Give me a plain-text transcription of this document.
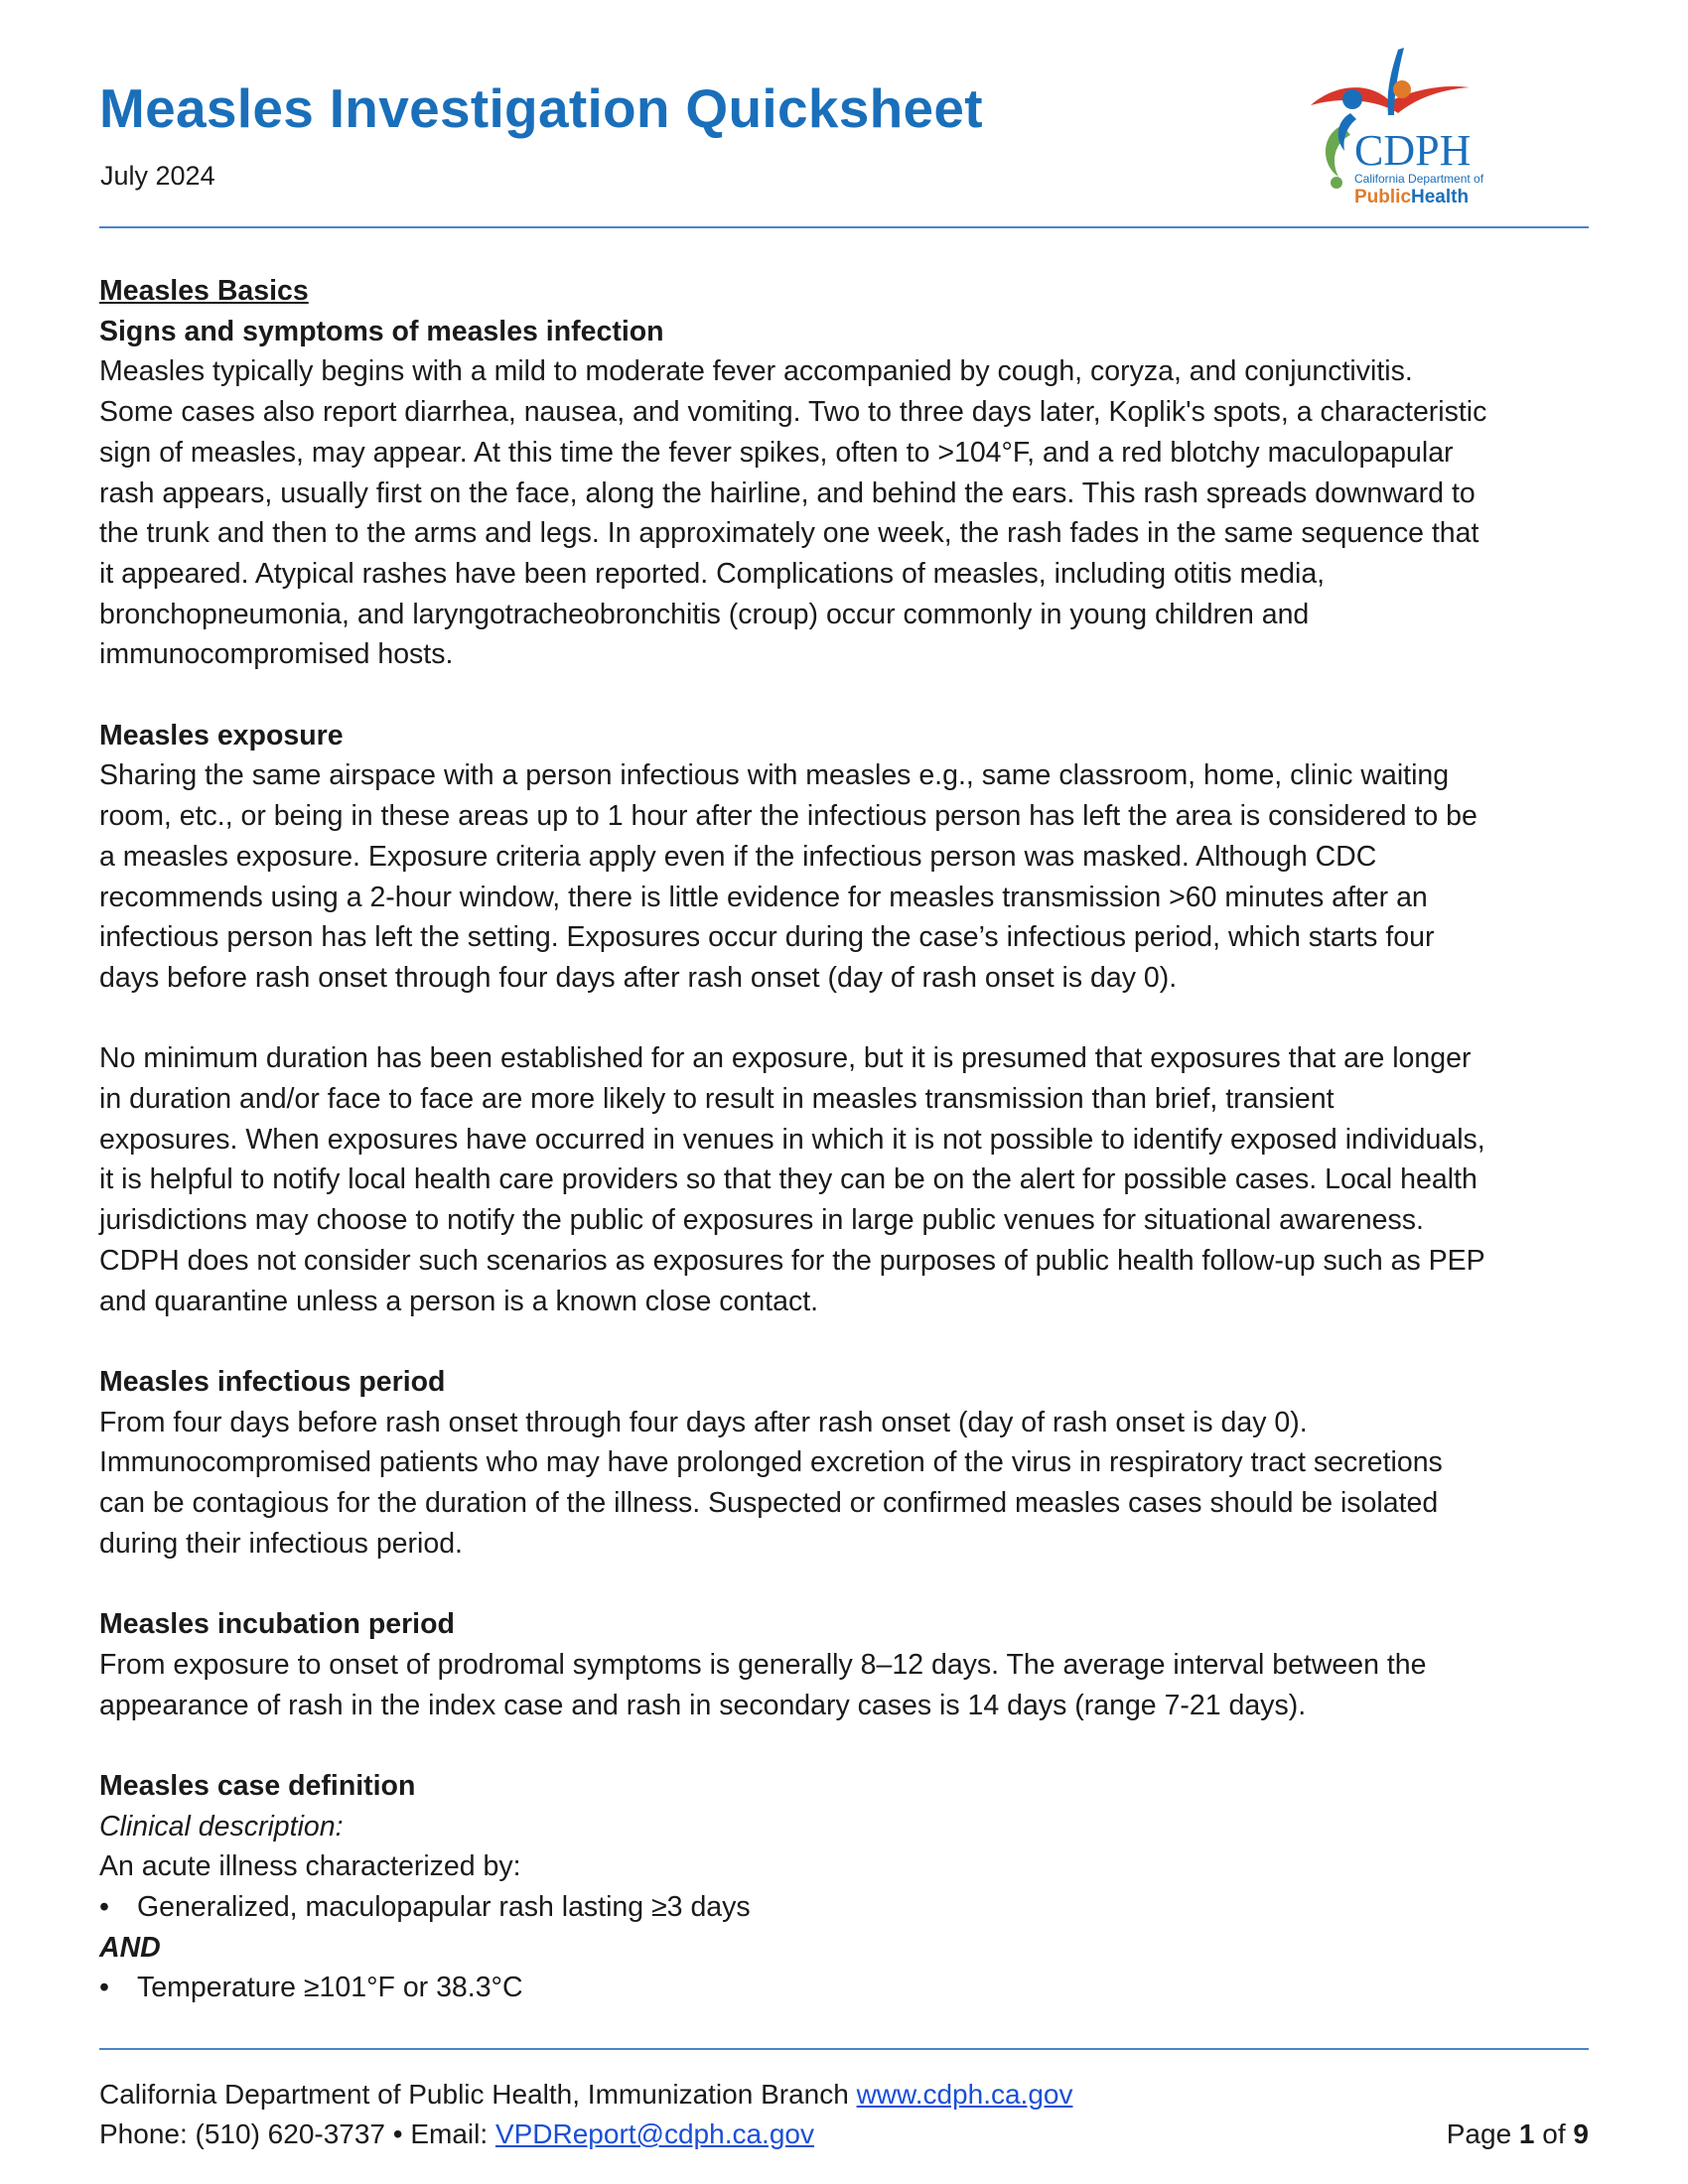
Measles Investigation Quicksheet

July 2024

CDPH
California Department of
PublicHealth

Measles Basics

Signs and symptoms of measles infection

Measles typically begins with a mild to moderate fever accompanied by cough, coryza, and conjunctivitis.

Some cases also report diarrhea, nausea, and vomiting. Two to three days later, Koplik's spots, a characteristic

sign of measles, may appear. At this time the fever spikes, often to >104°F, and a red blotchy maculopapular

rash appears, usually first on the face, along the hairline, and behind the ears. This rash spreads downward to

the trunk and then to the arms and legs. In approximately one week, the rash fades in the same sequence that

it appeared. Atypical rashes have been reported. Complications of measles, including otitis media,

bronchopneumonia, and laryngotracheobronchitis (croup) occur commonly in young children and

immunocompromised hosts.

Measles exposure

Sharing the same airspace with a person infectious with measles e.g., same classroom, home, clinic waiting

room, etc., or being in these areas up to 1 hour after the infectious person has left the area is considered to be

a measles exposure. Exposure criteria apply even if the infectious person was masked. Although CDC

recommends using a 2-hour window, there is little evidence for measles transmission >60 minutes after an

infectious person has left the setting. Exposures occur during the case’s infectious period, which starts four

days before rash onset through four days after rash onset (day of rash onset is day 0).

No minimum duration has been established for an exposure, but it is presumed that exposures that are longer

in duration and/or face to face are more likely to result in measles transmission than brief, transient

exposures. When exposures have occurred in venues in which it is not possible to identify exposed individuals,

it is helpful to notify local health care providers so that they can be on the alert for possible cases. Local health

jurisdictions may choose to notify the public of exposures in large public venues for situational awareness.

CDPH does not consider such scenarios as exposures for the purposes of public health follow-up such as PEP

and quarantine unless a person is a known close contact.

Measles infectious period

From four days before rash onset through four days after rash onset (day of rash onset is day 0).

Immunocompromised patients who may have prolonged excretion of the virus in respiratory tract secretions

can be contagious for the duration of the illness. Suspected or confirmed measles cases should be isolated

during their infectious period.

Measles incubation period

From exposure to onset of prodromal symptoms is generally 8–12 days. The average interval between the

appearance of rash in the index case and rash in secondary cases is 14 days (range 7-21 days).

Measles case definition

Clinical description:

An acute illness characterized by:

• Generalized, maculopapular rash lasting ≥3 days

AND

• Temperature ≥101°F or 38.3°C
California Department of Public Health, Immunization Branch www.cdph.ca.gov
Phone: (510) 620-3737 • Email: VPDReport@cdph.ca.gov	Page 1 of 9
